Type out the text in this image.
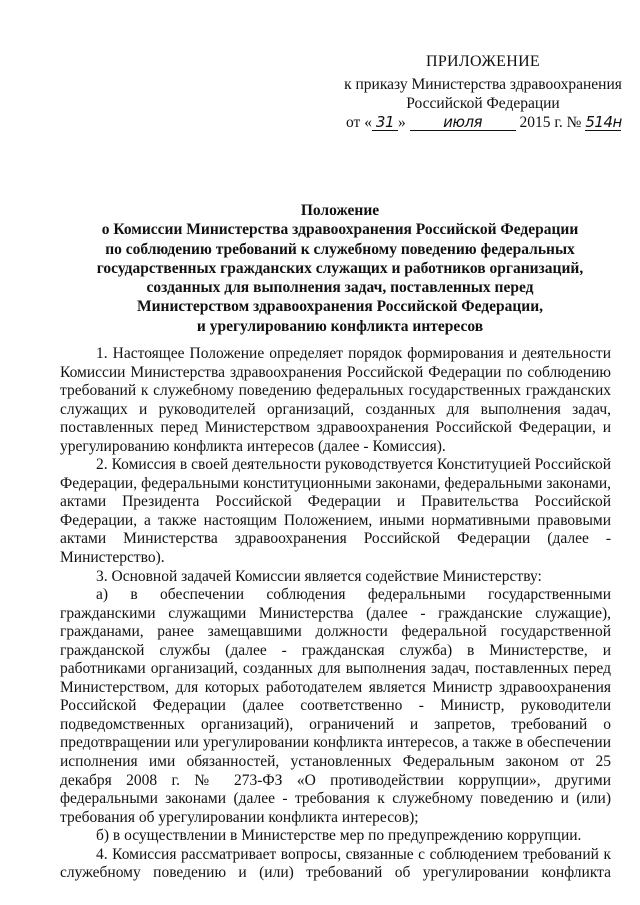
ПРИЛОЖЕНИЕ
к приказу Министерства здравоохранения
Российской Федерации
от « 31 » июля 2015 г. № 514н
Положение
о Комиссии Министерства здравоохранения Российской Федерации
по соблюдению требований к служебному поведению федеральных
государственных гражданских служащих и работников организаций,
созданных для выполнения задач, поставленных перед
Министерством здравоохранения Российской Федерации,
и урегулированию конфликта интересов

1. Настоящее Положение определяет порядок формирования и деятельности Комиссии Министерства здравоохранения Российской Федерации по соблюдению требований к служебному поведению федеральных государственных гражданских служащих и руководителей организаций, созданных для выполнения задач, поставленных перед Министерством здравоохранения Российской Федерации, и урегулированию конфликта интересов (далее - Комиссия).

2. Комиссия в своей деятельности руководствуется Конституцией Российской Федерации, федеральными конституционными законами, федеральными законами, актами Президента Российской Федерации и Правительства Российской Федерации, а также настоящим Положением, иными нормативными правовыми актами Министерства здравоохранения Российской Федерации (далее - Министерство).

3. Основной задачей Комиссии является содействие Министерству:

а) в обеспечении соблюдения федеральными государственными гражданскими служащими Министерства (далее - гражданские служащие), гражданами, ранее замещавшими должности федеральной государственной гражданской службы (далее - гражданская служба) в Министерстве, и работниками организаций, созданных для выполнения задач, поставленных перед Министерством, для которых работодателем является Министр здравоохранения Российской Федерации (далее соответственно - Министр, руководители подведомственных организаций), ограничений и запретов, требований о предотвращении или урегулировании конфликта интересов, а также в обеспечении исполнения ими обязанностей, установленных Федеральным законом от 25 декабря 2008 г. № 273-ФЗ «О противодействии коррупции», другими федеральными законами (далее - требования к служебному поведению и (или) требования об урегулировании конфликта интересов);

б) в осуществлении в Министерстве мер по предупреждению коррупции.

4. Комиссия рассматривает вопросы, связанные с соблюдением требований к служебному поведению и (или) требований об урегулировании конфликта
